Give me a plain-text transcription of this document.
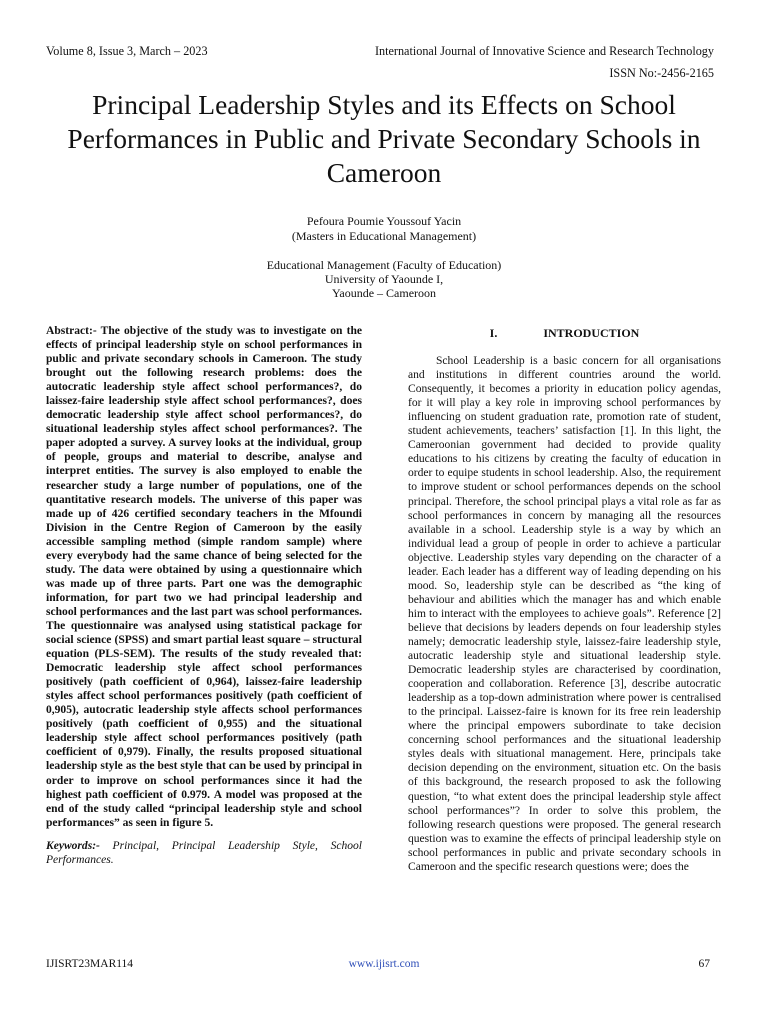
Volume 8, Issue 3, March – 2023	International Journal of Innovative Science and Research Technology
ISSN No:-2456-2165
Principal Leadership Styles and its Effects on School Performances in Public and Private Secondary Schools in Cameroon
Pefoura Poumie Youssouf Yacin
(Masters in Educational Management)
Educational Management (Faculty of Education)
University of Yaounde I,
Yaounde – Cameroon

Abstract:- The objective of the study was to investigate on the effects of principal leadership style on school performances in public and private secondary schools in Cameroon. The study brought out the following research problems: does the autocratic leadership style affect school performances?, do laissez-faire leadership style affect school performances?, does democratic leadership style affect school performances?, do situational leadership styles affect school performances?. The paper adopted a survey. A survey looks at the individual, group of people, groups and material to describe, analyse and interpret entities. The survey is also employed to enable the researcher study a large number of populations, one of the quantitative research models. The universe of this paper was made up of 426 certified secondary teachers in the Mfoundi Division in the Centre Region of Cameroon by the easily accessible sampling method (simple random sample) where every everybody had the same chance of being selected for the study. The data were obtained by using a questionnaire which was made up of three parts. Part one was the demographic information, for part two we had principal leadership and school performances and the last part was school performances. The questionnaire was analysed using statistical package for social science (SPSS) and smart partial least square – structural equation (PLS-SEM). The results of the study revealed that: Democratic leadership style affect school performances positively (path coefficient of 0,964), laissez-faire leadership styles affect school performances positively (path coefficient of 0,905), autocratic leadership style affects school performances positively (path coefficient of 0,955) and the situational leadership style affect school performances positively (path coefficient of 0,979). Finally, the results proposed situational leadership style as the best style that can be used by principal in order to improve on school performances since it had the highest path coefficient of 0.979. A model was proposed at the end of the study called “principal leadership style and school performances” as seen in figure 5.

Keywords:- Principal, Principal Leadership Style, School Performances.

I.	INTRODUCTION

School Leadership is a basic concern for all organisations and institutions in different countries around the world. Consequently, it becomes a priority in education policy agendas, for it will play a key role in improving school performances by influencing on student graduation rate, promotion rate of student, student achievements, teachers’ satisfaction [1]. In this light, the Cameroonian government had decided to provide quality educations to his citizens by creating the faculty of education in order to equipe students in school leadership. Also, the requirement to improve student or school performances depends on the school principal. Therefore, the school principal plays a vital role as far as school performances in concern by managing all the resources available in a school. Leadership style is a way by which an individual lead a group of people in order to achieve a particular objective. Leadership styles vary depending on the character of a leader. Each leader has a different way of leading depending on his mood. So, leadership style can be described as “the king of behaviour and abilities which the manager has and which enable him to interact with the employees to achieve goals”. Reference [2] believe that decisions by leaders depends on four leadership styles namely; democratic leadership style, laissez-faire leadership style, autocratic leadership style and situational leadership style. Democratic leadership styles are characterised by coordination, cooperation and collaboration. Reference [3], describe autocratic leadership as a top-down administration where power is centralised to the principal. Laissez-faire is known for its free rein leadership where the principal empowers subordinate to take decision concerning school performances and the situational leadership styles deals with situational management. Here, principals take decision depending on the environment, situation etc. On the basis of this background, the research proposed to ask the following question, “to what extent does the principal leadership style affect school performances”? In order to solve this problem, the following research questions were proposed. The general research question was to examine the effects of principal leadership style on school performances in public and private secondary schools in Cameroon and the specific research questions were; does the

IJISRT23MAR114	www.ijisrt.com	67
